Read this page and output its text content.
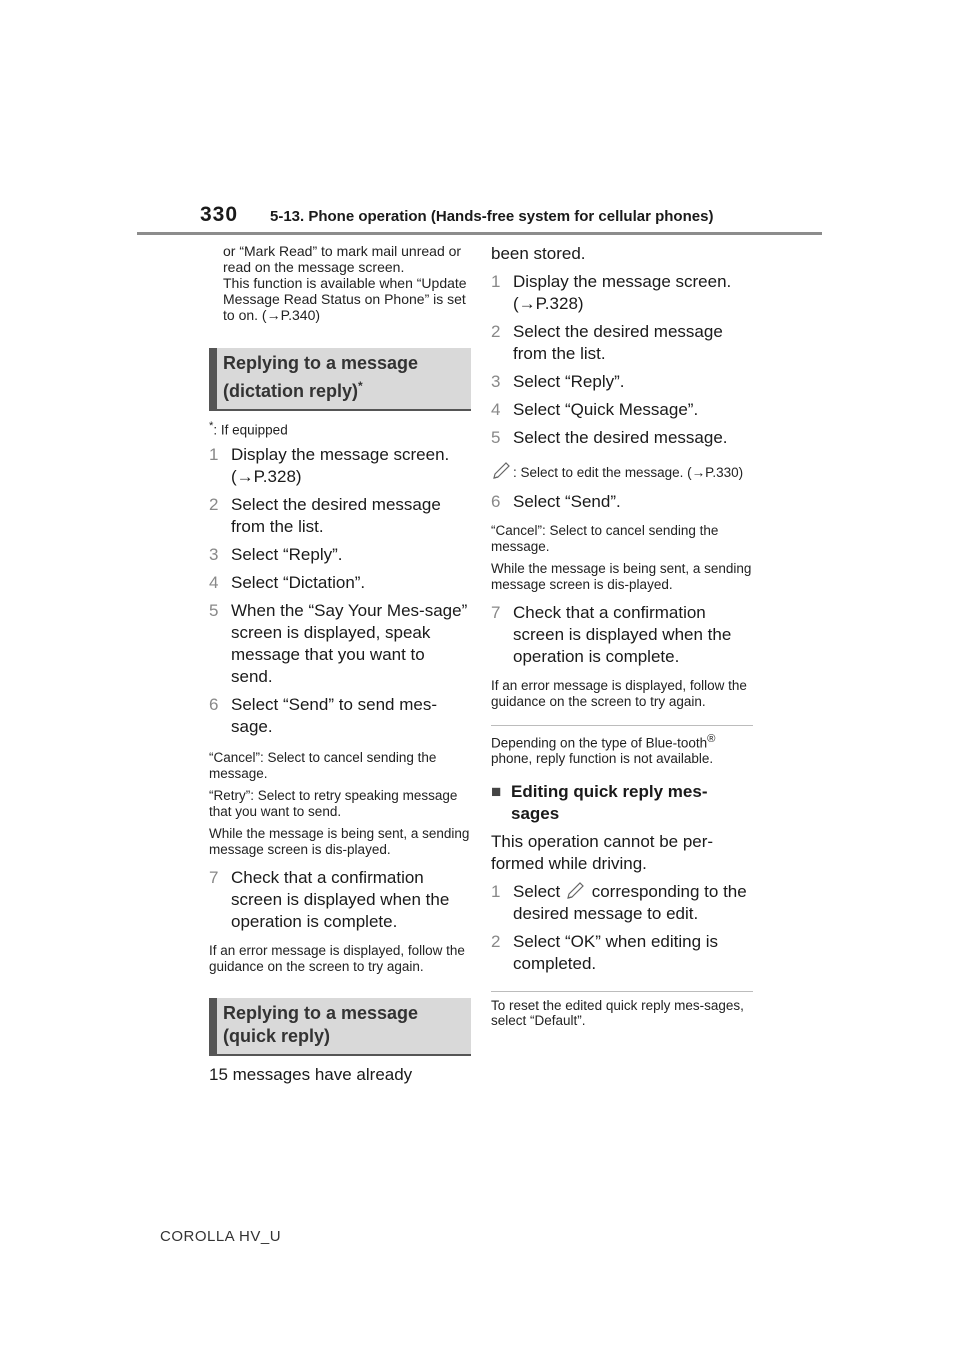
330 5-13. Phone operation (Hands-free system for cellular phones)
or “Mark Read” to mark mail unread or read on the message screen.
This function is available when “Update Message Read Status on Phone” is set to on. (→P.340)
Replying to a message (dictation reply)*
*: If equipped
1 Display the message screen. (→P.328)
2 Select the desired message from the list.
3 Select “Reply”.
4 Select “Dictation”.
5 When the “Say Your Mes-sage” screen is displayed, speak message that you want to send.
6 Select “Send” to send mes-sage.
“Cancel”: Select to cancel sending the message.
“Retry”: Select to retry speaking message that you want to send.
While the message is being sent, a sending message screen is dis-played.
7 Check that a confirmation screen is displayed when the operation is complete.
If an error message is displayed, follow the guidance on the screen to try again.
Replying to a message (quick reply)
15 messages have already
been stored.
1 Display the message screen. (→P.328)
2 Select the desired message from the list.
3 Select “Reply”.
4 Select “Quick Message”.
5 Select the desired message.
: Select to edit the message. (→P.330)
6 Select “Send”.
“Cancel”: Select to cancel sending the message.
While the message is being sent, a sending message screen is dis-played.
7 Check that a confirmation screen is displayed when the operation is complete.
If an error message is displayed, follow the guidance on the screen to try again.
Depending on the type of Blue-tooth® phone, reply function is not available.
■ Editing quick reply mes-sages
This operation cannot be per-formed while driving.
1 Select corresponding to the desired message to edit.
2 Select “OK” when editing is completed.
To reset the edited quick reply mes-sages, select “Default”.
COROLLA HV_U
